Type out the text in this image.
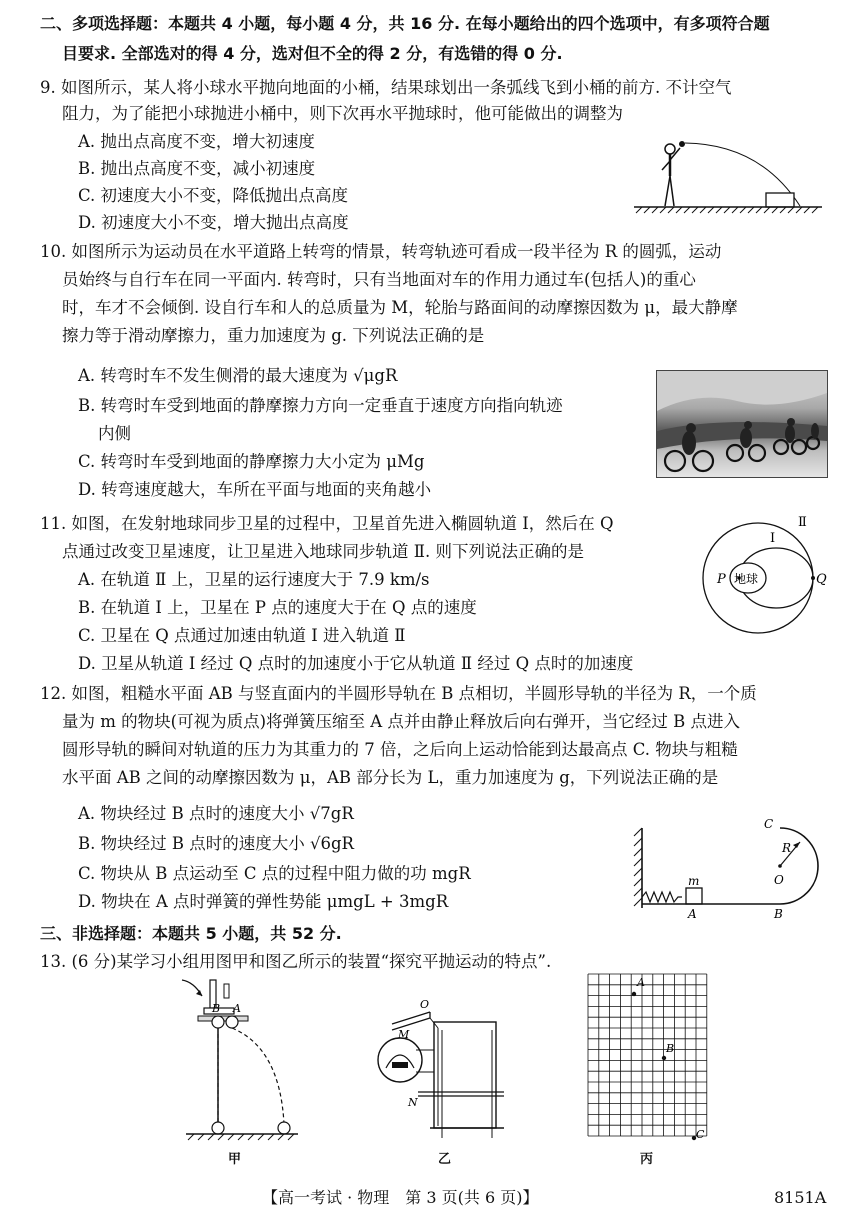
二、多项选择题：本题共 4 小题，每小题 4 分，共 16 分. 在每小题给出的四个选项中，有多项符合题
目要求. 全部选对的得 4 分，选对但不全的得 2 分，有选错的得 0 分.
9. 如图所示，某人将小球水平抛向地面的小桶，结果球划出一条弧线飞到小桶的前方. 不计空气
阻力，为了能把小球抛进小桶中，则下次再水平抛球时，他可能做出的调整为
A. 抛出点高度不变，增大初速度
B. 抛出点高度不变，减小初速度
C. 初速度大小不变，降低抛出点高度
D. 初速度大小不变，增大抛出点高度
10. 如图所示为运动员在水平道路上转弯的情景，转弯轨迹可看成一段半径为 R 的圆弧，运动
员始终与自行车在同一平面内. 转弯时，只有当地面对车的作用力通过车(包括人)的重心
时，车才不会倾倒. 设自行车和人的总质量为 M，轮胎与路面间的动摩擦因数为 μ，最大静摩
擦力等于滑动摩擦力，重力加速度为 g. 下列说法正确的是
A. 转弯时车不发生侧滑的最大速度为 √μgR
B. 转弯时车受到地面的静摩擦力方向一定垂直于速度方向指向轨迹
内侧
C. 转弯时车受到地面的静摩擦力大小定为 μMg
D. 转弯速度越大，车所在平面与地面的夹角越小
11. 如图，在发射地球同步卫星的过程中，卫星首先进入椭圆轨道 Ⅰ，然后在 Q
点通过改变卫星速度，让卫星进入地球同步轨道 Ⅱ. 则下列说法正确的是
A. 在轨道 Ⅱ 上，卫星的运行速度大于 7.9 km/s
B. 在轨道 Ⅰ 上，卫星在 P 点的速度大于在 Q 点的速度
C. 卫星在 Q 点通过加速由轨道 Ⅰ 进入轨道 Ⅱ
D. 卫星从轨道 Ⅰ 经过 Q 点时的加速度小于它从轨道 Ⅱ 经过 Q 点时的加速度
Ⅱ
Ⅰ
P	Q
地球
12. 如图，粗糙水平面 AB 与竖直面内的半圆形导轨在 B 点相切，半圆形导轨的半径为 R，一个质
量为 m 的物块(可视为质点)将弹簧压缩至 A 点并由静止释放后向右弹开，当它经过 B 点进入
圆形导轨的瞬间对轨道的压力为其重力的 7 倍，之后向上运动恰能到达最高点 C. 物块与粗糙
水平面 AB 之间的动摩擦因数为 μ，AB 部分长为 L，重力加速度为 g，下列说法正确的是
A. 物块经过 B 点时的速度大小 √7gR
B. 物块经过 B 点时的速度大小 √6gR
C. 物块从 B 点运动至 C 点的过程中阻力做的功 mgR
D. 物块在 A 点时弹簧的弹性势能 μmgL + 3mgR
m	O
R
C
A	B
三、非选择题：本题共 5 小题，共 52 分.
13. (6 分)某学习小组用图甲和图乙所示的装置“探究平抛运动的特点”.
B A
甲
O
M
N
乙
A
B
C
丙
【高一考试 · 物理　第 3 页(共 6 页)】	8151A
